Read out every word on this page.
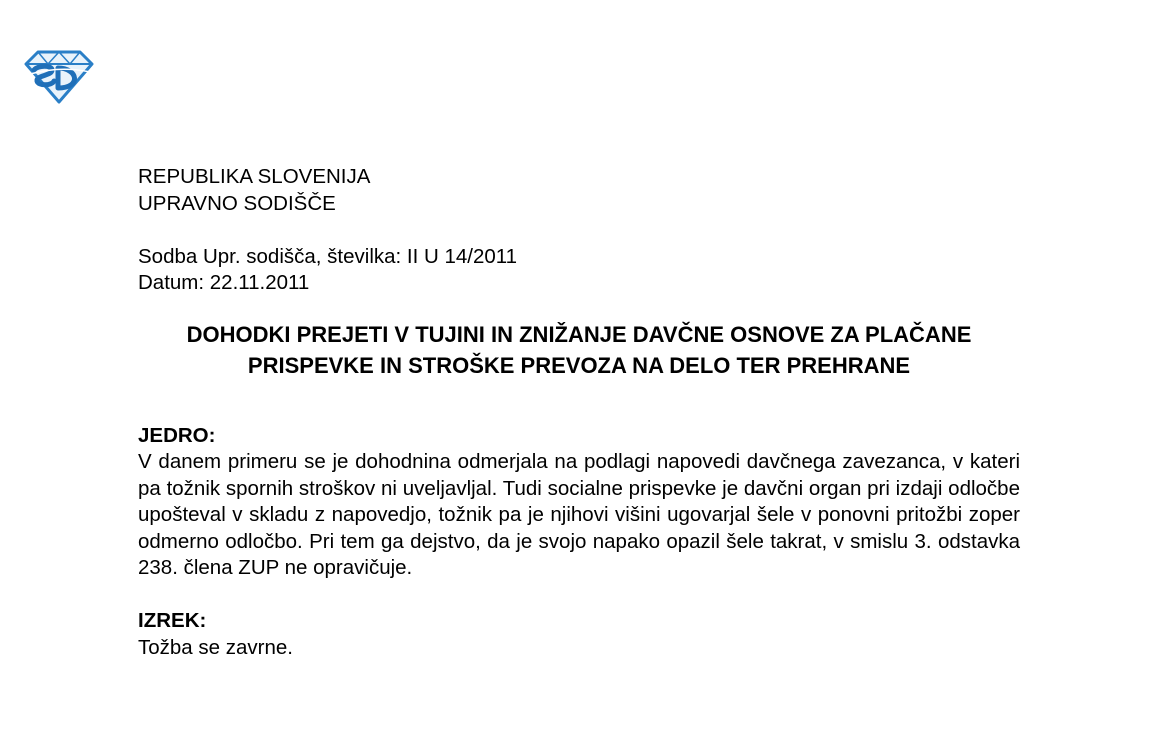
REPUBLIKA SLOVENIJA
UPRAVNO SODIŠČE
Sodba Upr. sodišča, številka: II U 14/2011
Datum: 22.11.2011
DOHODKI PREJETI V TUJINI IN ZNIŽANJE DAVČNE OSNOVE ZA PLAČANE PRISPEVKE IN STROŠKE PREVOZA NA DELO TER PREHRANE
JEDRO:
V danem primeru se je dohodnina odmerjala na podlagi napovedi davčnega zavezanca, v kateri pa tožnik spornih stroškov ni uveljavljal. Tudi socialne prispevke je davčni organ pri izdaji odločbe upošteval v skladu z napovedjo, tožnik pa je njihovi višini ugovarjal šele v ponovni pritožbi zoper odmerno odločbo. Pri tem ga dejstvo, da je svojo napako opazil šele takrat, v smislu 3. odstavka 238. člena ZUP ne opravičuje.
IZREK:
Tožba se zavrne.
